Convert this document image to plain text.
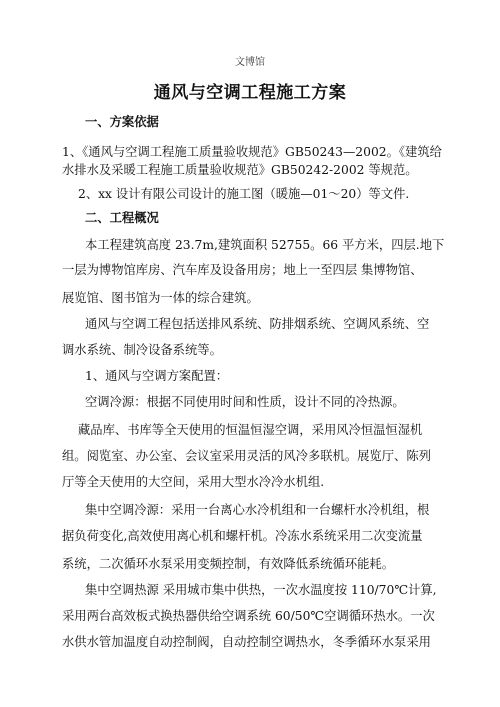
文博馆
通风与空调工程施工方案
一、方案依据
1、《通风与空调工程施工质量验收规范》GB50243—2002。《建筑给
水排水及采暖工程施工质量验收规范》GB50242-2002 等规范。
2、xx 设计有限公司设计的施工图（暖施—01～20）等文件.
二、工程概况
本工程建筑高度 23.7m,建筑面积 52755。66 平方米，四层.地下
一层为博物馆库房、汽车库及设备用房；地上一至四层 集博物馆、
展览馆、图书馆为一体的综合建筑。
通风与空调工程包括送排风系统、防排烟系统、空调风系统、空
调水系统、制冷设备系统等。
1、通风与空调方案配置：
空调冷源：根据不同使用时间和性质，设计不同的冷热源。
藏品库、书库等全天使用的恒温恒湿空调，采用风冷恒温恒湿机
组。阅览室、办公室、会议室采用灵活的风冷多联机。展览厅、陈列
厅等全天使用的大空间，采用大型水冷冷水机组.
集中空调冷源：采用一台离心水冷机组和一台螺杆水冷机组，根
据负荷变化,高效使用离心机和螺杆机。冷冻水系统采用二次变流量
系统，二次循环水泵采用变频控制，有效降低系统循环能耗。
集中空调热源 采用城市集中供热，一次水温度按 110/70℃计算,
采用两台高效板式换热器供给空调系统 60/50℃空调循环热水。一次
水供水管加温度自动控制阀，自动控制空调热水，冬季循环水泵采用
